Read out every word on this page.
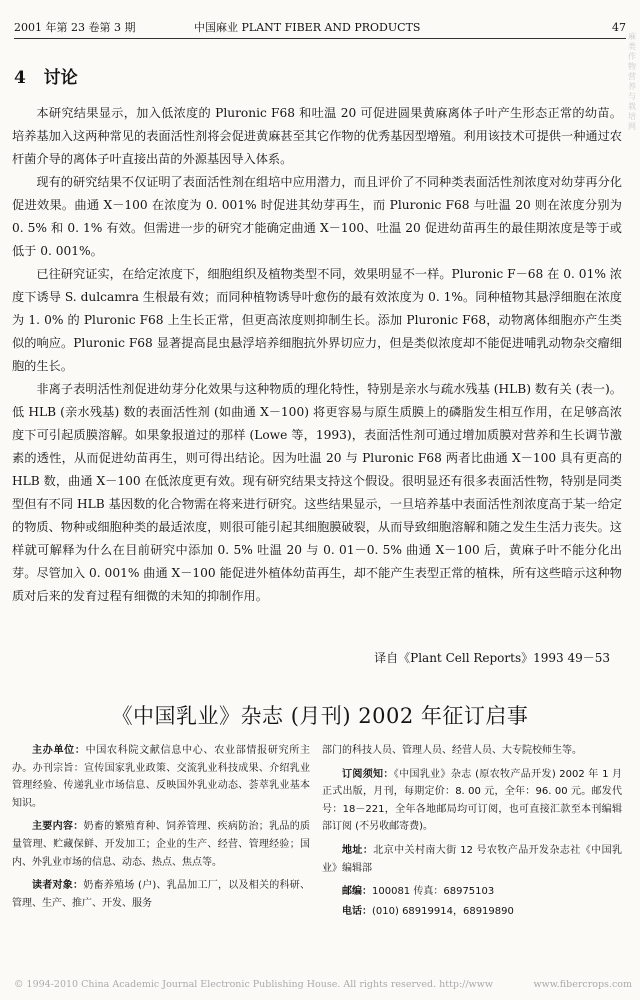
2001 年第 23 卷第 3 期	中国麻业 PLANT FIBER AND PRODUCTS	47
麻类作物营养与栽培网
4 讨论

本研究结果显示，加入低浓度的 Pluronic F68 和吐温 20 可促进圆果黄麻离体子叶产生形态正常的幼苗。培养基加入这两种常见的表面活性剂将会促进黄麻甚至其它作物的优秀基因型增殖。利用该技术可提供一种通过农杆菌介导的离体子叶直接出苗的外源基因导入体系。

现有的研究结果不仅证明了表面活性剂在组培中应用潜力，而且评价了不同种类表面活性剂浓度对幼芽再分化促进效果。曲通 X－100 在浓度为 0. 001% 时促进其幼芽再生，而 Pluronic F68 与吐温 20 则在浓度分别为 0. 5% 和 0. 1% 有效。但需进一步的研究才能确定曲通 X－100、吐温 20 促进幼苗再生的最佳期浓度是等于或低于 0. 001%。

已往研究证实，在给定浓度下，细胞组织及植物类型不同，效果明显不一样。Pluronic F－68 在 0. 01% 浓度下诱导 S. dulcamra 生根最有效；而同种植物诱导叶愈伤的最有效浓度为 0. 1%。同种植物其悬浮细胞在浓度为 1. 0% 的 Pluronic F68 上生长正常，但更高浓度则抑制生长。添加 Pluronic F68，动物离体细胞亦产生类似的响应。Pluronic F68 显著提高昆虫悬浮培养细胞抗外界切应力，但是类似浓度却不能促进哺乳动物杂交瘤细胞的生长。

非离子表明活性剂促进幼芽分化效果与这种物质的理化特性，特别是亲水与疏水残基 (HLB) 数有关 (表一)。低 HLB (亲水残基) 数的表面活性剂 (如曲通 X－100) 将更容易与原生质膜上的磷脂发生相互作用，在足够高浓度下可引起质膜溶解。如果象报道过的那样 (Lowe 等，1993)，表面活性剂可通过增加质膜对营养和生长调节激素的透性，从而促进幼苗再生，则可得出结论。因为吐温 20 与 Pluronic F68 两者比曲通 X－100 具有更高的 HLB 数，曲通 X－100 在低浓度更有效。现有研究结果支持这个假设。很明显还有很多表面活性物，特别是同类型但有不同 HLB 基因数的化合物需在将来进行研究。这些结果显示，一旦培养基中表面活性剂浓度高于某一给定的物质、物种或细胞种类的最适浓度，则很可能引起其细胞膜破裂，从而导致细胞溶解和随之发生生活力丧失。这样就可解释为什么在目前研究中添加 0. 5% 吐温 20 与 0. 01－0. 5% 曲通 X－100 后，黄麻子叶不能分化出芽。尽管加入 0. 001% 曲通 X－100 能促进外植体幼苗再生，却不能产生表型正常的植株，所有这些暗示这种物质对后来的发育过程有细微的未知的抑制作用。

译自《Plant Cell Reports》1993 49－53
《中国乳业》杂志 (月刊) 2002 年征订启事
主办单位：中国农科院文献信息中心、农业部情报研究所主办。办刊宗旨：宣传国家乳业政策、交流乳业科技成果、介绍乳业管理经验、传递乳业市场信息、反映国外乳业动态、荟萃乳业基本知识。
主要内容：奶畜的繁殖育种、饲养管理、疾病防治；乳品的质量管理、贮藏保鲜、开发加工；企业的生产、经营、管理经验；国内、外乳业市场的信息、动态、热点、焦点等。
读者对象：奶畜养殖场 (户)、乳品加工厂，以及相关的科研、管理、生产、推广、开发、服务
部门的科技人员、管理人员、经营人员、大专院校师生等。
订阅须知：《中国乳业》杂志 (原农牧产品开发) 2002 年 1 月正式出版，月刊，每期定价：8. 00 元，全年：96. 00 元。邮发代号：18－221，全年各地邮局均可订阅，也可直接汇款至本刊编辑部订阅 (不另收邮寄费)。
地址：北京中关村南大街 12 号农牧产品开发杂志社《中国乳业》编辑部
邮编：100081 传真：68975103
电话：(010) 68919914，68919890
© 1994-2010 China Academic Journal Electronic Publishing House. All rights reserved. http://www	www.fibercrops.com
